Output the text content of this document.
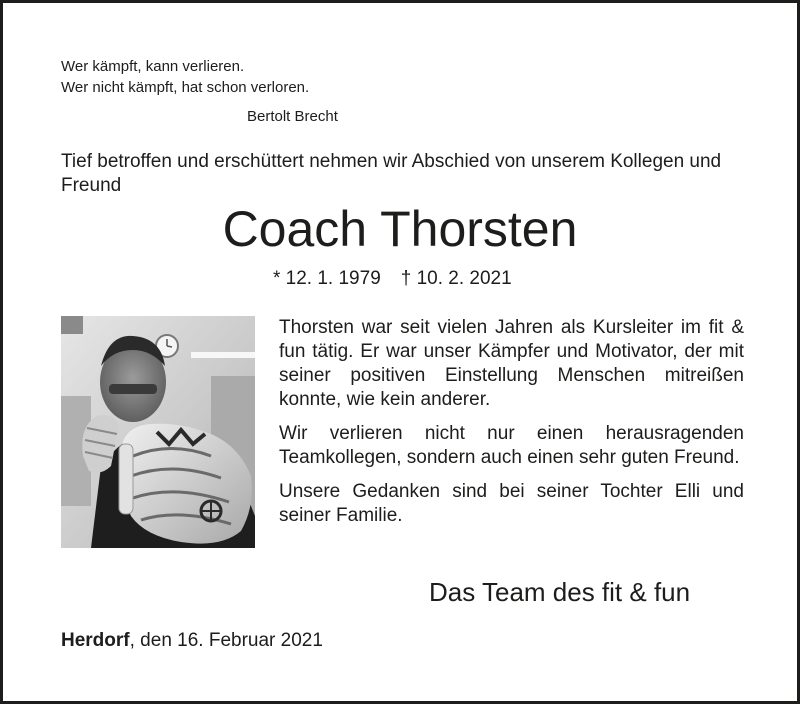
Wer kämpft, kann verlieren.
Wer nicht kämpft, hat schon verloren.
Bertolt Brecht
Tief betroffen und erschüttert nehmen wir Abschied von unserem Kollegen und Freund
Coach Thorsten
* 12. 1. 1979 † 10. 2. 2021

Thorsten war seit vielen Jahren als Kursleiter im fit & fun tätig. Er war unser Kämpfer und Motivator, der mit seiner positiven Einstellung Menschen mitreißen konnte, wie kein anderer.

Wir verlieren nicht nur einen herausragenden Teamkollegen, sondern auch einen sehr guten Freund.

Unsere Gedanken sind bei seiner Tochter Elli und seiner Familie.

Das Team des fit & fun
Herdorf, den 16. Februar 2021
